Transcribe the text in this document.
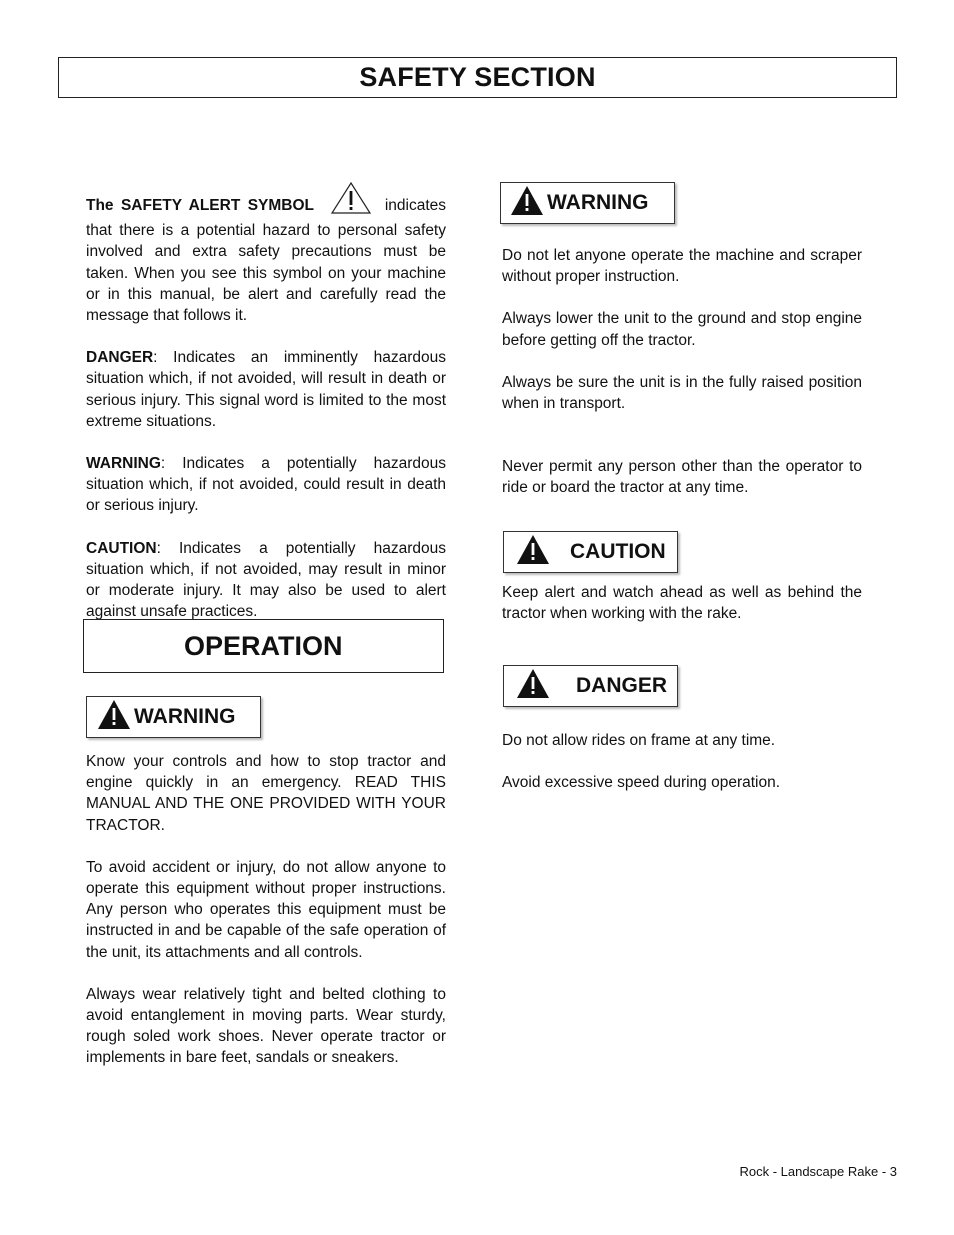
SAFETY SECTION

The SAFETY ALERT SYMBOL	indicates that there is a potential hazard to personal safety involved and extra safety precautions must be taken. When you see this symbol on your machine or in this manual, be alert and carefully read the message that follows it.

DANGER: Indicates an imminently hazardous situation which, if not avoided, will result in death or serious injury. This signal word is limited to the most extreme situations.

WARNING: Indicates a potentially hazardous situation which, if not avoided, could result in death or serious injury.

CAUTION: Indicates a potentially hazardous situation which, if not avoided, may result in minor or moderate injury. It may also be used to alert against unsafe practices.

OPERATION
WARNING

Know your controls and how to stop tractor and engine quickly in an emergency. READ THIS MANUAL AND THE ONE PROVIDED WITH YOUR TRACTOR.

To avoid accident or injury, do not allow anyone to operate this equipment without proper instructions. Any person who operates this equipment must be instructed in and be capable of the safe operation of the unit, its attachments and all controls.

Always wear relatively tight and belted clothing to avoid entanglement in moving parts. Wear sturdy, rough soled work shoes. Never operate tractor or implements in bare feet, sandals or sneakers.

WARNING

Do not let anyone operate the machine and scraper without proper instruction.

Always lower the unit to the ground and stop engine before getting off the tractor.

Always be sure the unit is in the fully raised position when in transport.

Never permit any person other than the operator to ride or board the tractor at any time.

CAUTION

Keep alert and watch ahead as well as behind the tractor when working with the rake.

DANGER

Do not allow rides on frame at any time.

Avoid excessive speed during operation.

Rock - Landscape Rake - 3
